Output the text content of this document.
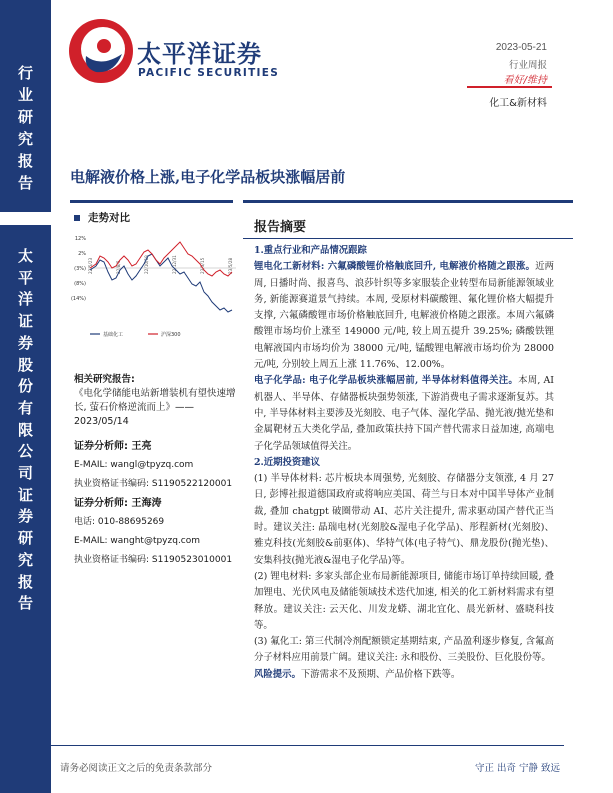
行
业
研
究
报
告
太
平
洋
证
券
股
份
有
限
公
司
证
券
研
究
报
告
太平洋证券
PACIFIC SECURITIES
2023-05-21
行业周报
看好/维持
化工&新材料
电解液价格上涨,电子化学品板块涨幅居前
走势对比
12%
2%
(3%)
(8%)
(14%)
22/5/23	22/8/5	22/10/18	22/12/31	23/3/15	23/5/28
基础化工	沪深300
相关研究报告:
《电化学储能电站新增装机有望快速增长, 萤石价格逆流而上》—— 2023/05/14
证券分析师: 王亮
E-MAIL: wangl@tpyzq.com
执业资格证书编码: S1190522120001
证券分析师: 王海涛
电话: 010-88695269
E-MAIL: wanght@tpyzq.com
执业资格证书编码: S1190523010001
报告摘要

1.重点行业和产品情况跟踪

锂电化工新材料: 六氟磷酸锂价格触底回升, 电解液价格随之跟涨。近两周, 日播时尚、报喜鸟、浪莎针织等多家服装企业转型布局新能源领域业务, 新能源赛道景气持续。本周, 受原材料碳酸锂、氟化锂价格大幅提升支撑, 六氟磷酸锂市场价格触底回升, 电解液价格随之跟涨。本周六氟磷酸锂市场均价上涨至 149000 元/吨, 较上周五提升 39.25%; 磷酸铁锂电解液国内市场均价为 38000 元/吨, 锰酸锂电解液市场均价为 28000 元/吨, 分别较上周五上涨 11.76%、12.00%。

电子化学品: 电子化学品板块涨幅居前, 半导体材料值得关注。本周, AI 机器人、半导体、存储器板块强势领涨, 下游消费电子需求逐渐复苏。其中, 半导体材料主要涉及光刻胶、电子气体、湿化学品、抛光液/抛光垫和金属靶材五大类化学品, 叠加政策扶持下国产替代需求日益加速, 高端电子化学品领域值得关注。

2.近期投资建议

(1) 半导体材料: 芯片板块本周强势, 光刻胶、存储器分支领涨, 4 月 27 日, 彭博社报道德国政府或将响应美国、荷兰与日本对中国半导体产业制裁, 叠加 chatgpt 破圈带动 AI、芯片关注提升, 需求驱动国产替代正当时。建议关注: 晶瑞电材(光刻胶&湿电子化学品)、彤程新材(光刻胶)、雅克科技(光刻胶&前驱体)、华特气体(电子特气)、鼎龙股份(抛光垫)、安集科技(抛光液&湿电子化学品)等。

(2) 锂电材料: 多家头部企业布局新能源项目, 储能市场订单持续回暖, 叠加锂电、光伏风电及储能领域技术迭代加速, 相关的化工新材料需求有望释放。建议关注: 云天化、川发龙蟒、湖北宜化、晨光新材、盛晓科技等。

(3) 氟化工: 第三代制冷剂配额锁定基期结束, 产品盈利逐步修复, 含氟高分子材料应用前景广阔。建议关注: 永和股份、三美股份、巨化股份等。

风险提示。下游需求不及预期、产品价格下跌等。

请务必阅读正文之后的免责条款部分	守正 出奇 宁静 致远
